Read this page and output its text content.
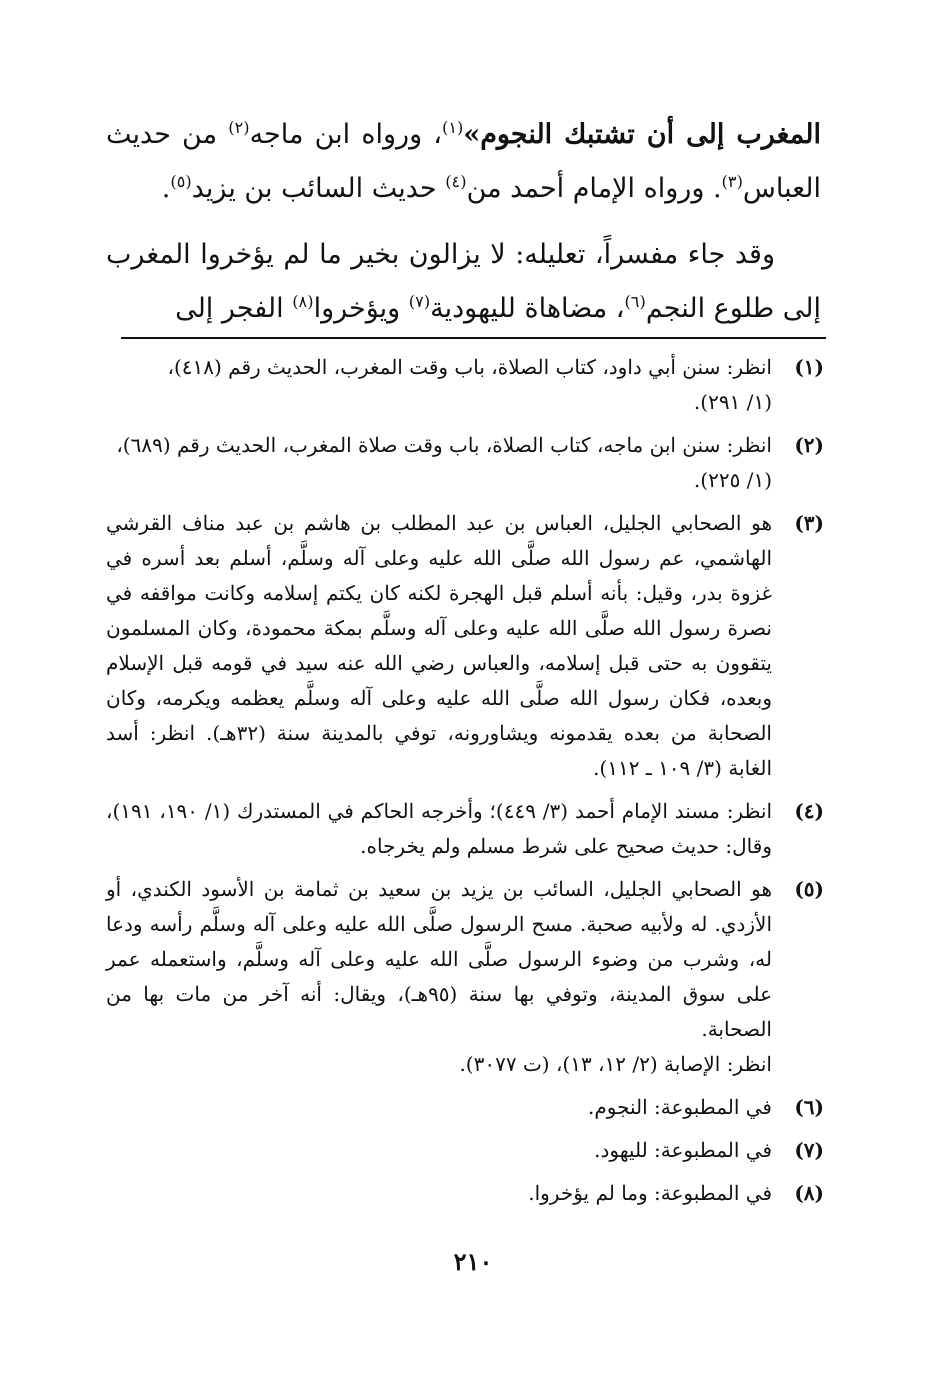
المغرب إلى أن تشتبك النجوم»$^{(١)}$، ورواه ابن ماجه$^{(٢)}$ من حديث العباس$^{(٣)}$. ورواه الإمام أحمد من$^{(٤)}$ حديث السائب بن يزيد$^{(٥)}$.

وقد جاء مفسراً، تعليله: لا يزالون بخير ما لم يؤخروا المغرب إلى طلوع النجم$^{(٦)}$، مضاهاة لليهودية$^{(٧)}$ ويؤخروا$^{(٨)}$ الفجر إلى

(١)
انظر: سنن أبي داود، كتاب الصلاة، باب وقت المغرب، الحديث رقم (٤١٨)،
(١/ ٢٩١).
(٢)
انظر: سنن ابن ماجه، كتاب الصلاة، باب وقت صلاة المغرب، الحديث رقم (٦٨٩)،
(١/ ٢٢٥).
(٣)
هو الصحابي الجليل، العباس بن عبد المطلب بن هاشم بن عبد مناف القرشي الهاشمي، عم رسول الله صلَّى الله عليه وعلى آله وسلَّم، أسلم بعد أسره في غزوة بدر، وقيل: بأنه أسلم قبل الهجرة لكنه كان يكتم إسلامه وكانت مواقفه في نصرة رسول الله صلَّى الله عليه وعلى آله وسلَّم بمكة محمودة، وكان المسلمون يتقوون به حتى قبل إسلامه، والعباس رضي الله عنه سيد في قومه قبل الإسلام وبعده، فكان رسول الله صلَّى الله عليه وعلى آله وسلَّم يعظمه ويكرمه، وكان الصحابة من بعده يقدمونه ويشاورونه، توفي بالمدينة سنة (٣٢هـ). انظر: أسد الغابة (٣/ ١٠٩ ـ ١١٢).
(٤)
انظر: مسند الإمام أحمد (٣/ ٤٤٩)؛ وأخرجه الحاكم في المستدرك (١/ ١٩٠، ١٩١)، وقال: حديث صحيح على شرط مسلم ولم يخرجاه.
(٥)
هو الصحابي الجليل، السائب بن يزيد بن سعيد بن ثمامة بن الأسود الكندي، أو الأزدي. له ولأبيه صحبة. مسح الرسول صلَّى الله عليه وعلى آله وسلَّم رأسه ودعا له، وشرب من وضوء الرسول صلَّى الله عليه وعلى آله وسلَّم، واستعمله عمر على سوق المدينة، وتوفي بها سنة (٩٥هـ)، ويقال: أنه آخر من مات بها من الصحابة.
انظر: الإصابة (٢/ ١٢، ١٣)، (ت ٣٠٧٧).
(٦)
في المطبوعة: النجوم.
(٧)
في المطبوعة: لليهود.
(٨)
في المطبوعة: وما لم يؤخروا.
٢١٠
